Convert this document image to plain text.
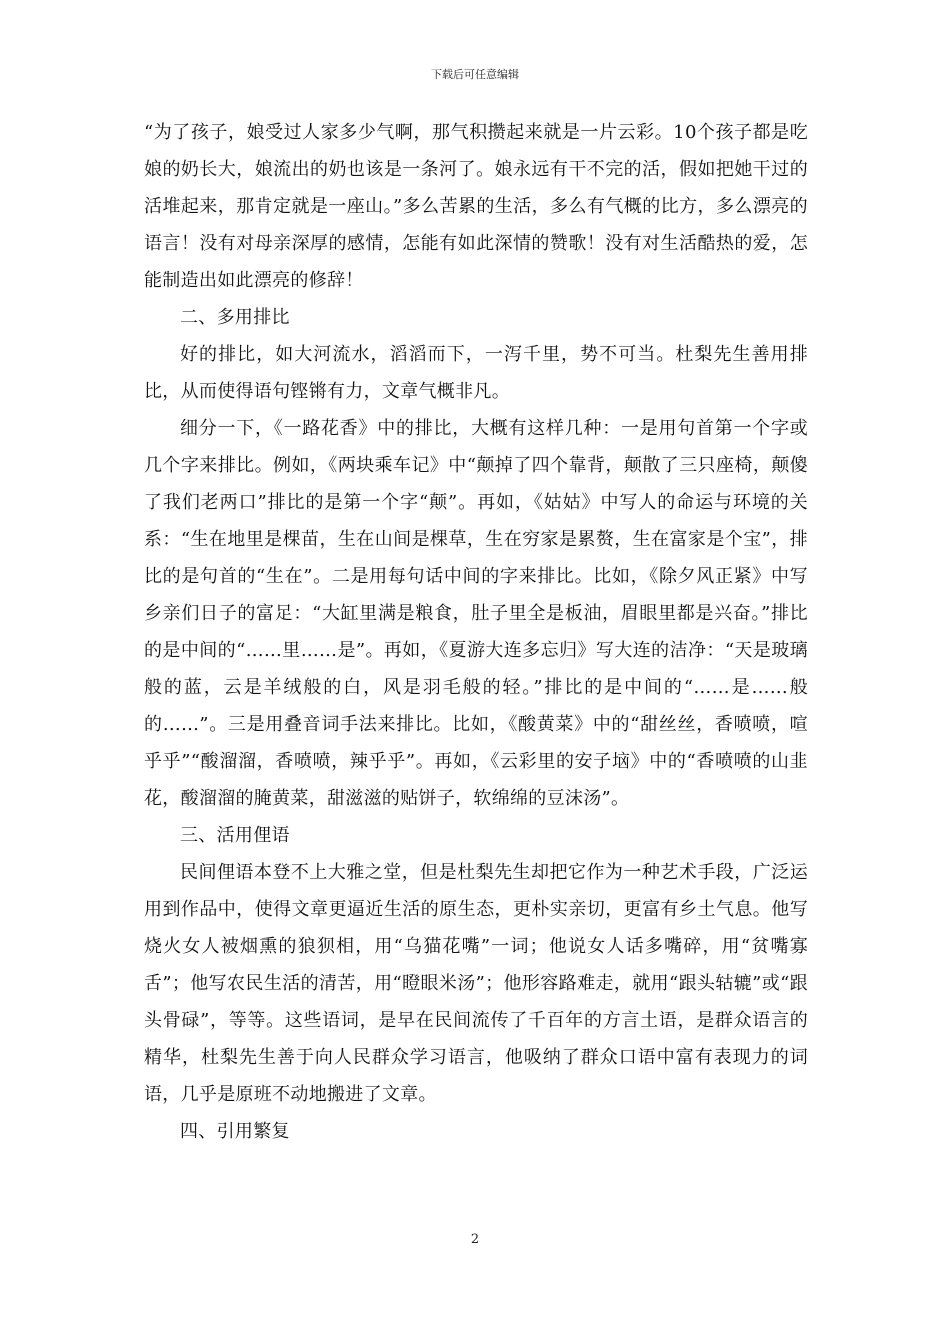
下载后可任意编辑

“为了孩子，娘受过人家多少气啊，那气积攒起来就是一片云彩。10个孩子都是吃娘的奶长大，娘流出的奶也该是一条河了。娘永远有干不完的活，假如把她干过的活堆起来，那肯定就是一座山。”多么苦累的生活，多么有气概的比方，多么漂亮的语言！没有对母亲深厚的感情，怎能有如此深情的赞歌！没有对生活酷热的爱，怎能制造出如此漂亮的修辞！

二、多用排比

好的排比，如大河流水，滔滔而下，一泻千里，势不可当。杜梨先生善用排比，从而使得语句铿锵有力，文章气概非凡。

细分一下，《一路花香》中的排比，大概有这样几种：一是用句首第一个字或几个字来排比。例如，《两块乘车记》中“颠掉了四个靠背，颠散了三只座椅，颠傻了我们老两口”排比的是第一个字“颠”。再如，《姑姑》中写人的命运与环境的关系：“生在地里是棵苗，生在山间是棵草，生在穷家是累赘，生在富家是个宝”，排比的是句首的“生在”。二是用每句话中间的字来排比。比如，《除夕风正紧》中写乡亲们日子的富足：“大缸里满是粮食，肚子里全是板油，眉眼里都是兴奋。”排比的是中间的“……里……是”。再如，《夏游大连多忘归》写大连的洁净：“天是玻璃般的蓝，云是羊绒般的白，风是羽毛般的轻。”排比的是中间的“……是……般的……”。三是用叠音词手法来排比。比如，《酸黄菜》中的“甜丝丝，香喷喷，喧乎乎”“酸溜溜，香喷喷，辣乎乎”。再如，《云彩里的安子垴》中的“香喷喷的山韭花，酸溜溜的腌黄菜，甜滋滋的贴饼子，软绵绵的豆沫汤”。

三、活用俚语

民间俚语本登不上大雅之堂，但是杜梨先生却把它作为一种艺术手段，广泛运用到作品中，使得文章更逼近生活的原生态，更朴实亲切，更富有乡土气息。他写烧火女人被烟熏的狼狈相，用“乌猫花嘴”一词；他说女人话多嘴碎，用“贫嘴寡舌”；他写农民生活的清苦，用“瞪眼米汤”；他形容路难走，就用“跟头轱辘”或“跟头骨碌”，等等。这些语词，是早在民间流传了千百年的方言土语，是群众语言的精华，杜梨先生善于向人民群众学习语言，他吸纳了群众口语中富有表现力的词语，几乎是原班不动地搬进了文章。

四、引用繁复

2
